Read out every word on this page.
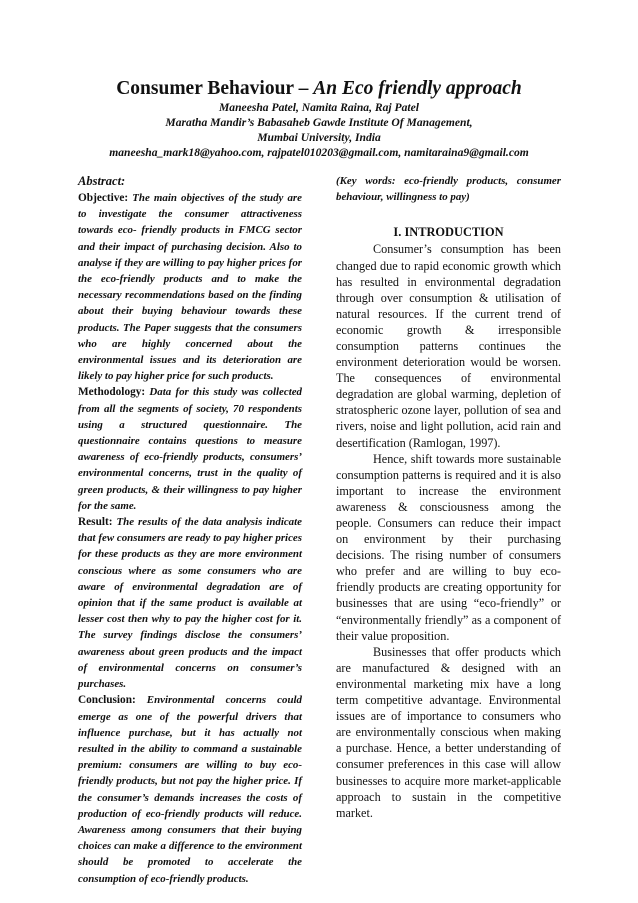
Consumer Behaviour – An Eco friendly approach
Maneesha Patel, Namita Raina, Raj Patel
Maratha Mandir’s Babasaheb Gawde Institute Of Management,
Mumbai University, India
maneesha_mark18@yahoo.com, rajpatel010203@gmail.com, namitaraina9@gmail.com
Abstract:

Objective: The main objectives of the study are to investigate the consumer attractiveness towards eco- friendly products in FMCG sector and their impact of purchasing decision. Also to analyse if they are willing to pay higher prices for the eco-friendly products and to make the necessary recommendations based on the finding about their buying behaviour towards these products. The Paper suggests that the consumers who are highly concerned about the environmental issues and its deterioration are likely to pay higher price for such products.

Methodology: Data for this study was collected from all the segments of society, 70 respondents using a structured questionnaire. The questionnaire contains questions to measure awareness of eco-friendly products, consumers’ environmental concerns, trust in the quality of green products, & their willingness to pay higher for the same.

Result: The results of the data analysis indicate that few consumers are ready to pay higher prices for these products as they are more environment conscious where as some consumers who are aware of environmental degradation are of opinion that if the same product is available at lesser cost then why to pay the higher cost for it. The survey findings disclose the consumers’ awareness about green products and the impact of environmental concerns on consumer’s purchases.

Conclusion: Environmental concerns could emerge as one of the powerful drivers that influence purchase, but it has actually not resulted in the ability to command a sustainable premium: consumers are willing to buy eco-friendly products, but not pay the higher price. If the consumer’s demands increases the costs of production of eco-friendly products will reduce. Awareness among consumers that their buying choices can make a difference to the environment should be promoted to accelerate the consumption of eco-friendly products.

(Key words: eco-friendly products, consumer behaviour, willingness to pay)

I. INTRODUCTION

Consumer’s consumption has been changed due to rapid economic growth which has resulted in environmental degradation through over consumption & utilisation of natural resources. If the current trend of economic growth & irresponsible consumption patterns continues the environment deterioration would be worsen. The consequences of environmental degradation are global warming, depletion of stratospheric ozone layer, pollution of sea and rivers, noise and light pollution, acid rain and desertification (Ramlogan, 1997).

Hence, shift towards more sustainable consumption patterns is required and it is also important to increase the environment awareness & consciousness among the people. Consumers can reduce their impact on environment by their purchasing decisions. The rising number of consumers who prefer and are willing to buy eco-friendly products are creating opportunity for businesses that are using “eco-friendly” or “environmentally friendly” as a component of their value proposition.

Businesses that offer products which are manufactured & designed with an environmental marketing mix have a long term competitive advantage. Environmental issues are of importance to consumers who are environmentally conscious when making a purchase. Hence, a better understanding of consumer preferences in this case will allow businesses to acquire more market-applicable approach to sustain in the competitive market.
